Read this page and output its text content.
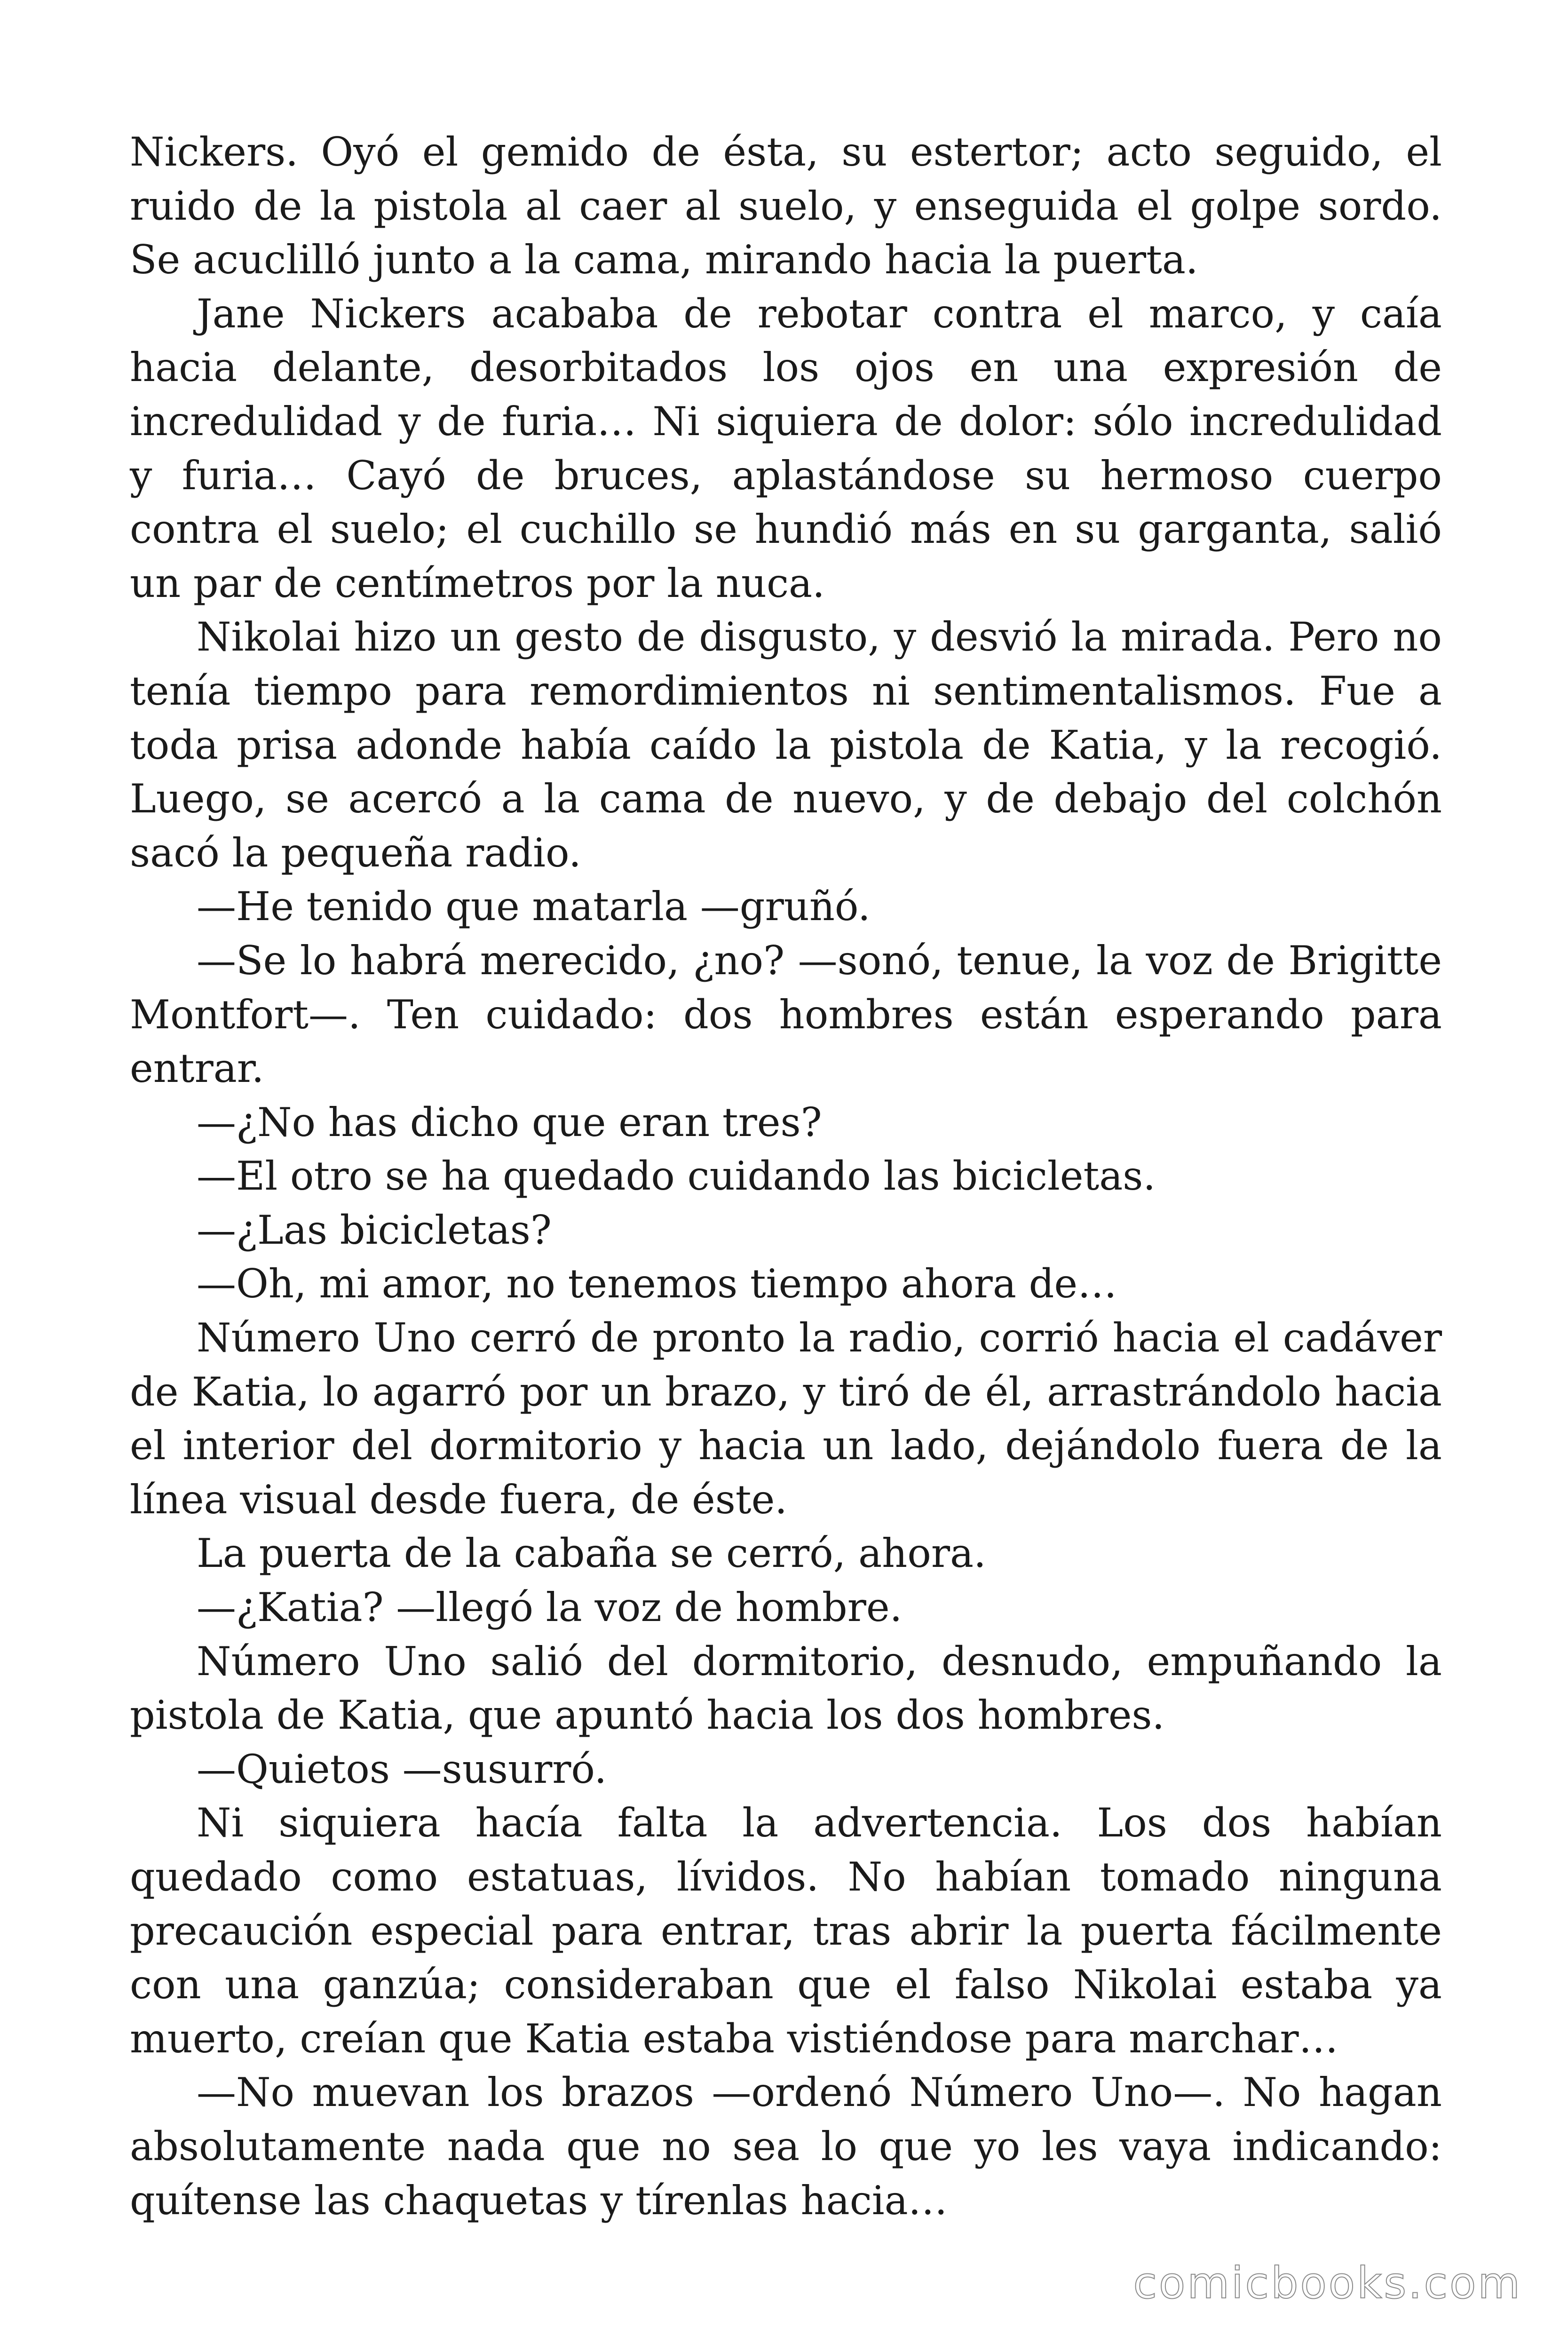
Nickers. Oyó el gemido de ésta, su estertor; acto seguido, el ruido de la pistola al caer al suelo, y enseguida el golpe sordo. Se acuclilló junto a la cama, mirando hacia la puerta.

Jane Nickers acababa de rebotar contra el marco, y caía hacia delante, desorbitados los ojos en una expresión de incredulidad y de furia… Ni siquiera de dolor: sólo incredulidad y furia… Cayó de bruces, aplastándose su hermoso cuerpo contra el suelo; el cuchillo se hundió más en su garganta, salió un par de centímetros por la nuca.

Nikolai hizo un gesto de disgusto, y desvió la mirada. Pero no tenía tiempo para remordimientos ni sentimentalismos. Fue a toda prisa adonde había caído la pistola de Katia, y la recogió. Luego, se acercó a la cama de nuevo, y de debajo del colchón sacó la pequeña radio.

—He tenido que matarla —gruñó.

—Se lo habrá merecido, ¿no? —sonó, tenue, la voz de Brigitte Montfort—. Ten cuidado: dos hombres están esperando para entrar.

—¿No has dicho que eran tres?

—El otro se ha quedado cuidando las bicicletas.

—¿Las bicicletas?

—Oh, mi amor, no tenemos tiempo ahora de…

Número Uno cerró de pronto la radio, corrió hacia el cadáver de Katia, lo agarró por un brazo, y tiró de él, arrastrándolo hacia el interior del dormitorio y hacia un lado, dejándolo fuera de la línea visual desde fuera, de éste.

La puerta de la cabaña se cerró, ahora.

—¿Katia? —llegó la voz de hombre.

Número Uno salió del dormitorio, desnudo, empuñando la pistola de Katia, que apuntó hacia los dos hombres.

—Quietos —susurró.

Ni siquiera hacía falta la advertencia. Los dos habían quedado como estatuas, lívidos. No habían tomado ninguna precaución especial para entrar, tras abrir la puerta fácilmente con una ganzúa; consideraban que el falso Nikolai estaba ya muerto, creían que Katia estaba vistiéndose para marchar…

—No muevan los brazos —ordenó Número Uno—. No hagan absolutamente nada que no sea lo que yo les vaya indicando: quítense las chaquetas y tírenlas hacia…

comicbooks.com
